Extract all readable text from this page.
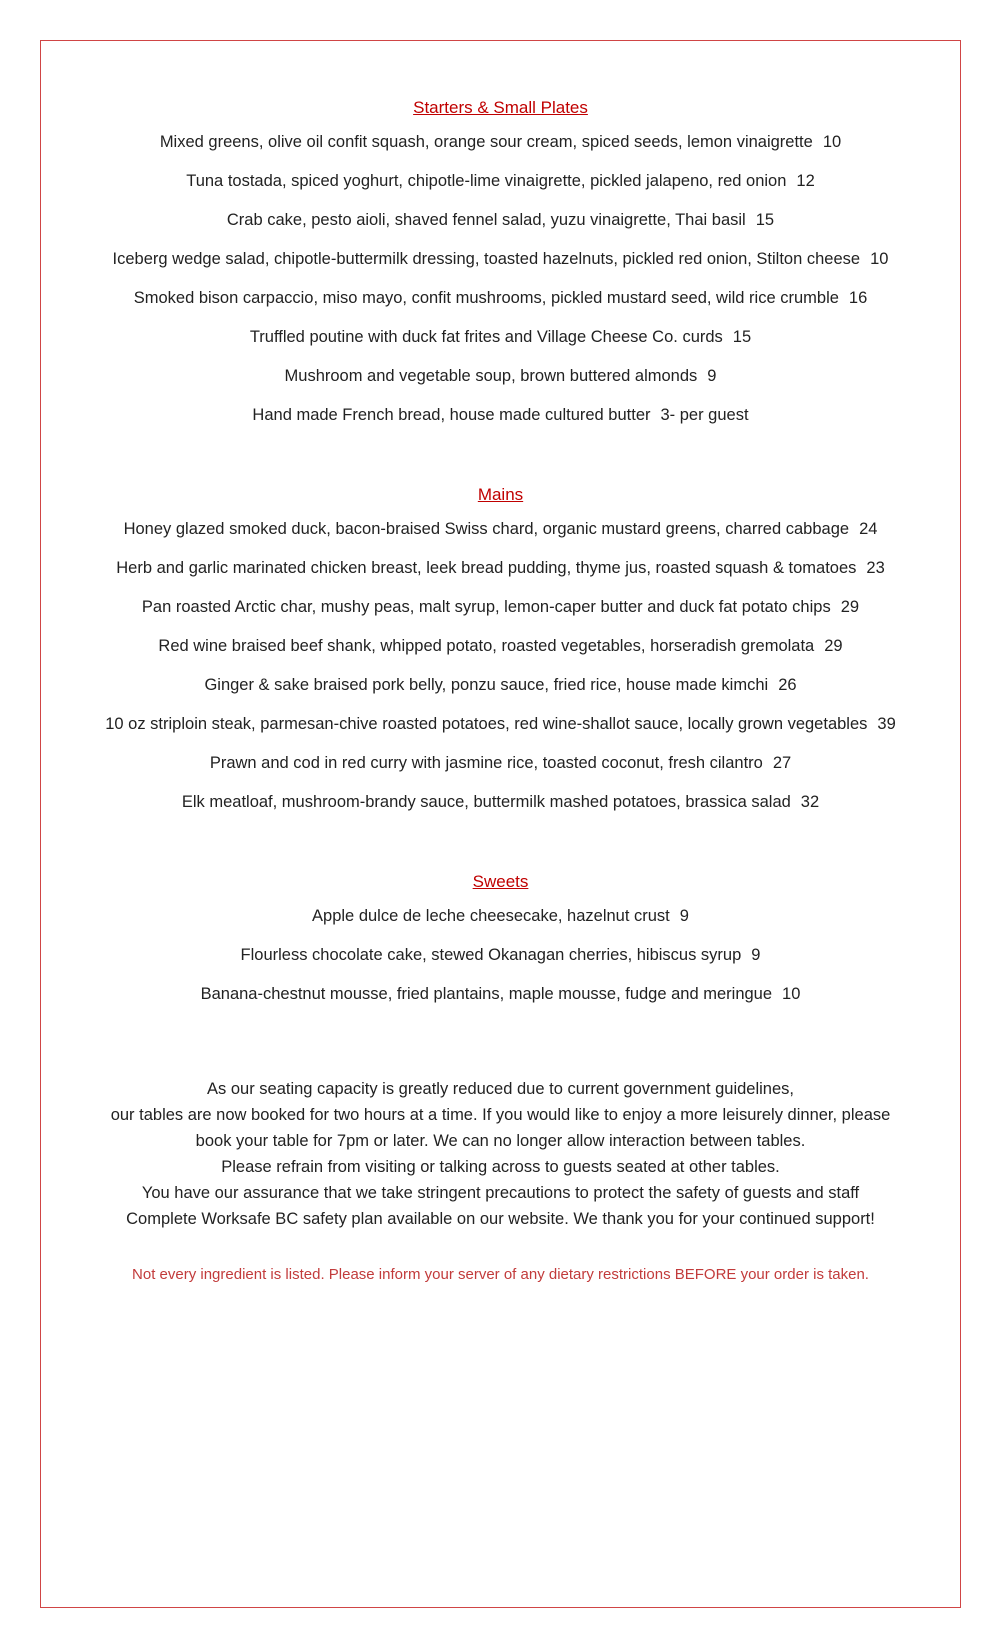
Starters & Small Plates

Mixed greens, olive oil confit squash, orange sour cream, spiced seeds, lemon vinaigrette 10

Tuna tostada, spiced yoghurt, chipotle-lime vinaigrette, pickled jalapeno, red onion 12

Crab cake, pesto aioli, shaved fennel salad, yuzu vinaigrette, Thai basil 15

Iceberg wedge salad, chipotle-buttermilk dressing, toasted hazelnuts, pickled red onion, Stilton cheese 10

Smoked bison carpaccio, miso mayo, confit mushrooms, pickled mustard seed, wild rice crumble 16

Truffled poutine with duck fat frites and Village Cheese Co. curds 15

Mushroom and vegetable soup, brown buttered almonds 9

Hand made French bread, house made cultured butter 3- per guest

Mains

Honey glazed smoked duck, bacon-braised Swiss chard, organic mustard greens, charred cabbage 24

Herb and garlic marinated chicken breast, leek bread pudding, thyme jus, roasted squash & tomatoes 23

Pan roasted Arctic char, mushy peas, malt syrup, lemon-caper butter and duck fat potato chips 29

Red wine braised beef shank, whipped potato, roasted vegetables, horseradish gremolata 29

Ginger & sake braised pork belly, ponzu sauce, fried rice, house made kimchi 26

10 oz striploin steak, parmesan-chive roasted potatoes, red wine-shallot sauce, locally grown vegetables 39

Prawn and cod in red curry with jasmine rice, toasted coconut, fresh cilantro 27

Elk meatloaf, mushroom-brandy sauce, buttermilk mashed potatoes, brassica salad 32

Sweets

Apple dulce de leche cheesecake, hazelnut crust 9

Flourless chocolate cake, stewed Okanagan cherries, hibiscus syrup 9

Banana-chestnut mousse, fried plantains, maple mousse, fudge and meringue 10

As our seating capacity is greatly reduced due to current government guidelines,

our tables are now booked for two hours at a time. If you would like to enjoy a more leisurely dinner, please

book your table for 7pm or later. We can no longer allow interaction between tables.

Please refrain from visiting or talking across to guests seated at other tables.

You have our assurance that we take stringent precautions to protect the safety of guests and staff

Complete Worksafe BC safety plan available on our website. We thank you for your continued support!

Not every ingredient is listed. Please inform your server of any dietary restrictions BEFORE your order is taken.
